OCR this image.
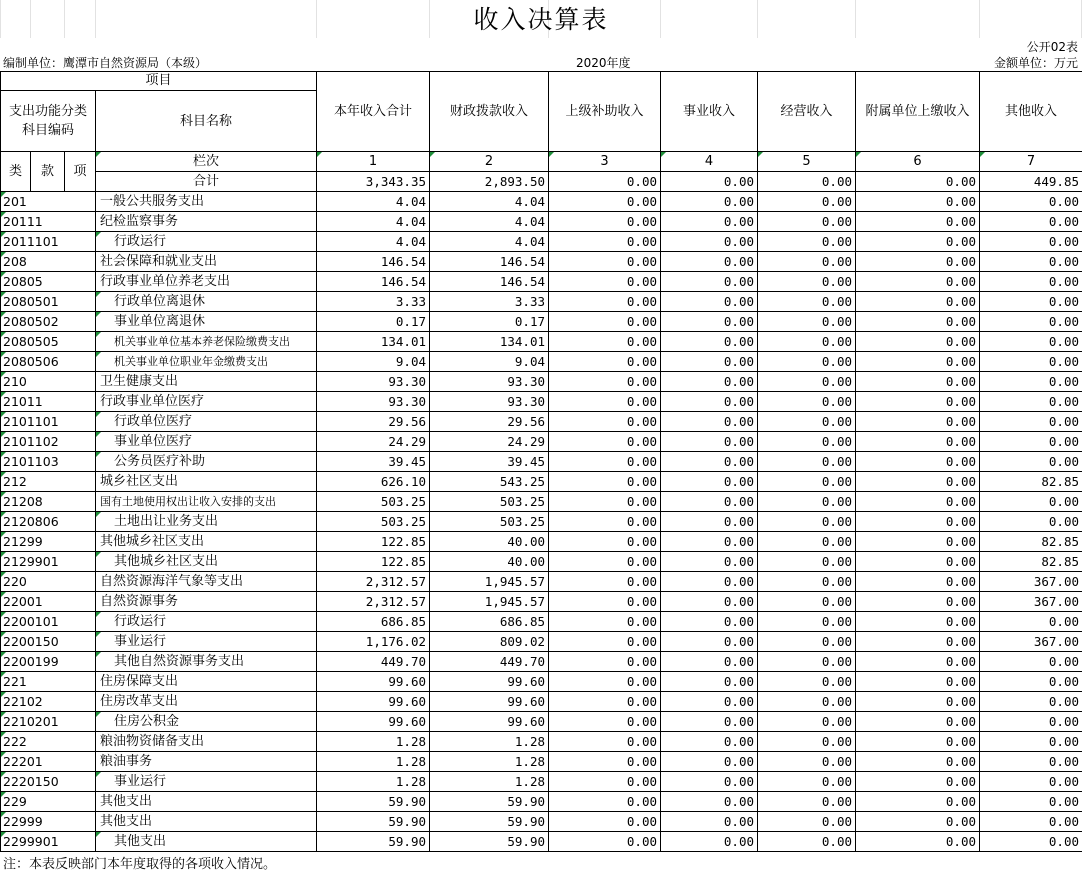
收入决算表
公开02表
编制单位：鹰潭市自然资源局（本级）	2020年度	金额单位：万元
项目				本年收入合计	财政拨款收入	上级补助收入	事业收入	经营收入	附属单位上缴收入	其他收入
支出功能分类科目编码			科目名称							
类	款	项	栏次	1	2	3	4	5	6	7
			合计	3,343.35	2,893.50	0.00	0.00	0.00	0.00	449.85
201			一般公共服务支出	4.04	4.04	0.00	0.00	0.00	0.00	0.00
20111			纪检监察事务	4.04	4.04	0.00	0.00	0.00	0.00	0.00
2011101			行政运行	4.04	4.04	0.00	0.00	0.00	0.00	0.00
208			社会保障和就业支出	146.54	146.54	0.00	0.00	0.00	0.00	0.00
20805			行政事业单位养老支出	146.54	146.54	0.00	0.00	0.00	0.00	0.00
2080501			行政单位离退休	3.33	3.33	0.00	0.00	0.00	0.00	0.00
2080502			事业单位离退休	0.17	0.17	0.00	0.00	0.00	0.00	0.00
2080505			机关事业单位基本养老保险缴费支出	134.01	134.01	0.00	0.00	0.00	0.00	0.00
2080506			机关事业单位职业年金缴费支出	9.04	9.04	0.00	0.00	0.00	0.00	0.00
210			卫生健康支出	93.30	93.30	0.00	0.00	0.00	0.00	0.00
21011			行政事业单位医疗	93.30	93.30	0.00	0.00	0.00	0.00	0.00
2101101			行政单位医疗	29.56	29.56	0.00	0.00	0.00	0.00	0.00
2101102			事业单位医疗	24.29	24.29	0.00	0.00	0.00	0.00	0.00
2101103			公务员医疗补助	39.45	39.45	0.00	0.00	0.00	0.00	0.00
212			城乡社区支出	626.10	543.25	0.00	0.00	0.00	0.00	82.85
21208			国有土地使用权出让收入安排的支出	503.25	503.25	0.00	0.00	0.00	0.00	0.00
2120806			土地出让业务支出	503.25	503.25	0.00	0.00	0.00	0.00	0.00
21299			其他城乡社区支出	122.85	40.00	0.00	0.00	0.00	0.00	82.85
2129901			其他城乡社区支出	122.85	40.00	0.00	0.00	0.00	0.00	82.85
220			自然资源海洋气象等支出	2,312.57	1,945.57	0.00	0.00	0.00	0.00	367.00
22001			自然资源事务	2,312.57	1,945.57	0.00	0.00	0.00	0.00	367.00
2200101			行政运行	686.85	686.85	0.00	0.00	0.00	0.00	0.00
2200150			事业运行	1,176.02	809.02	0.00	0.00	0.00	0.00	367.00
2200199			其他自然资源事务支出	449.70	449.70	0.00	0.00	0.00	0.00	0.00
221			住房保障支出	99.60	99.60	0.00	0.00	0.00	0.00	0.00
22102			住房改革支出	99.60	99.60	0.00	0.00	0.00	0.00	0.00
2210201			住房公积金	99.60	99.60	0.00	0.00	0.00	0.00	0.00
222			粮油物资储备支出	1.28	1.28	0.00	0.00	0.00	0.00	0.00
22201			粮油事务	1.28	1.28	0.00	0.00	0.00	0.00	0.00
2220150			事业运行	1.28	1.28	0.00	0.00	0.00	0.00	0.00
229			其他支出	59.90	59.90	0.00	0.00	0.00	0.00	0.00
22999			其他支出	59.90	59.90	0.00	0.00	0.00	0.00	0.00
2299901			其他支出	59.90	59.90	0.00	0.00	0.00	0.00	0.00
注：本表反映部门本年度取得的各项收入情况。
